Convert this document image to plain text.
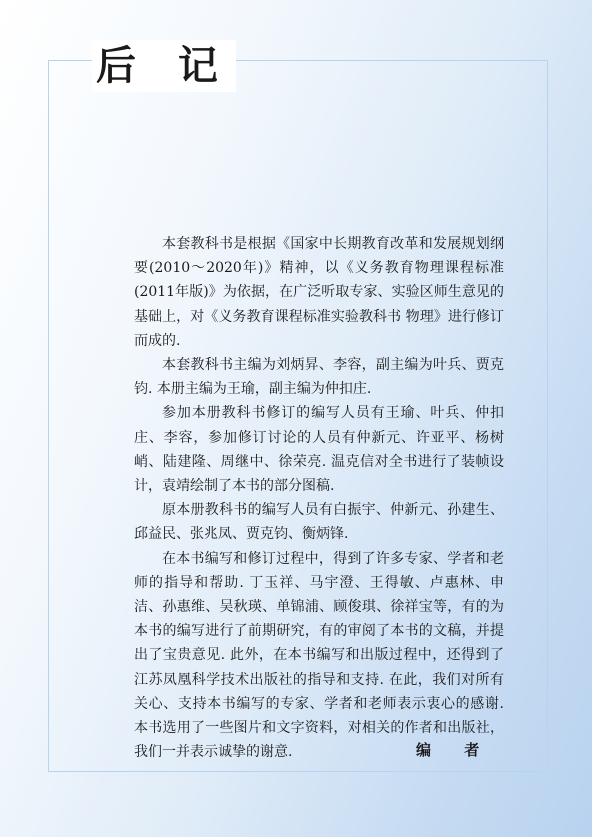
后 记

本套教科书是根据《国家中长期教育改革和发展规划纲要(2010～2020年)》精神，以《义务教育物理课程标准(2011年版)》为依据，在广泛听取专家、实验区师生意见的基础上，对《义务教育课程标准实验教科书 物理》进行修订而成的.

本套教科书主编为刘炳昇、李容，副主编为叶兵、贾克钧. 本册主编为王瑜，副主编为仲扣庄.

参加本册教科书修订的编写人员有王瑜、叶兵、仲扣庄、李容，参加修订讨论的人员有仲新元、许亚平、杨树峭、陆建隆、周继中、徐荣亮. 温克信对全书进行了装帧设计，袁靖绘制了本书的部分图稿.

原本册教科书的编写人员有白振宇、仲新元、孙建生、邱益民、张兆凤、贾克钧、衡炳锋.

在本书编写和修订过程中，得到了许多专家、学者和老师的指导和帮助. 丁玉祥、马宇澄、王得敏、卢惠林、申洁、孙惠维、吴秋瑛、单锦浦、顾俊琪、徐祥宝等，有的为本书的编写进行了前期研究，有的审阅了本书的文稿，并提出了宝贵意见. 此外，在本书编写和出版过程中，还得到了江苏凤凰科学技术出版社的指导和支持. 在此，我们对所有关心、支持本书编写的专家、学者和老师表示衷心的感谢. 本书选用了一些图片和文字资料，对相关的作者和出版社，我们一并表示诚挚的谢意.	编 者
